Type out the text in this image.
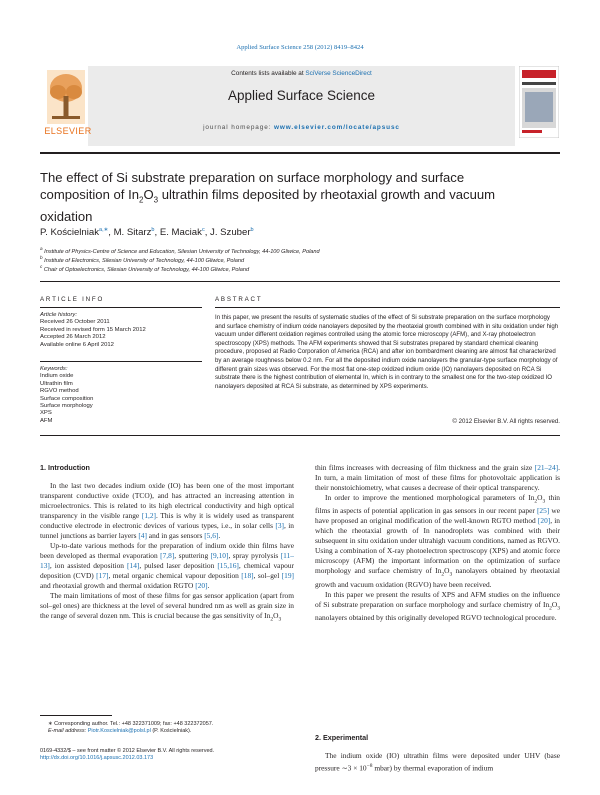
Applied Surface Science 258 (2012) 8419–8424
Contents lists available at SciVerse ScienceDirect
Applied Surface Science
journal homepage: www.elsevier.com/locate/apsusc
ELSEVIER
The effect of Si substrate preparation on surface morphology and surface
composition of $In_2O_3$ ultrathin films deposited by rheotaxial growth and vacuum
oxidation
P. Kościelniak$^{a,∗}$, M. Sitarz$^b$, E. Maciak$^c$, J. Szuber$^b$
$^a$ Institute of Physics-Centre of Science and Education, Silesian University of Technology, 44-100 Gliwice, Poland
$^b$ Institute of Electronics, Silesian University of Technology, 44-100 Gliwice, Poland
$^c$ Chair of Optoelectronics, Silesian University of Technology, 44-100 Gliwice, Poland
ARTICLE INFO
Article history:
Received 26 October 2011
Received in revised form 15 March 2012
Accepted 26 March 2012
Available online 6 April 2012
Keywords:
Indium oxide
Ultrathin film
RGVO method
Surface composition
Surface morphology
XPS
AFM
ABSTRACT
In this paper, we present the results of systematic studies of the effect of Si substrate preparation on the surface morphology and surface chemistry of indium oxide nanolayers deposited by the rheotaxial growth combined with in situ oxidation under high vacuum under different oxidation regimes controlled using the atomic force microscopy (AFM), and X-ray photoelectron spectroscopy (XPS) methods. The AFM experiments showed that Si substrates prepared by standard chemical cleaning procedure, proposed at Radio Corporation of America (RCA) and after ion bombardment cleaning are almost flat characterized by an average roughness below 0.2 nm. For all the deposited indium oxide nanolayers the granular-type surface morphology of different grain sizes was observed. For the most flat one-step oxidized indium oxide (IO) nanolayers deposited on RCA Si substrate there is the highest contribution of elemental In, which is in contrary to the smallest one for the two-step oxidized IO nanolayers deposited at RCA Si substrate, as determined by XPS experiments.
© 2012 Elsevier B.V. All rights reserved.
1. Introduction

In the last two decades indium oxide (IO) has been one of the most important transparent conductive oxide (TCO), and has attracted an increasing attention in microelectronics. This is related to its high electrical conductivity and high optical transparency in the visible range [1,2]. This is why it is widely used as transparent conductive electrode in electronic devices of various types, i.e., in solar cells [3], in tunnel junctions as barrier layers [4] and in gas sensors [5,6].

Up-to-date various methods for the preparation of indium oxide thin films have been developed as thermal evaporation [7,8], sputtering [9,10], spray pyrolysis [11–13], ion assisted deposition [14], pulsed laser deposition [15,16], chemical vapour deposition (CVD) [17], metal organic chemical vapour deposition [18], sol–gel [19] and rheotaxial growth and thermal oxidation RGTO [20].

The main limitations of most of these films for gas sensor application (apart from sol–gel ones) are thickness at the level of several hundred nm as well as grain size in the range of several dozen nm. This is crucial because the gas sensitivity of $In_2O_3$

thin films increases with decreasing of film thickness and the grain size [21–24]. In turn, a main limitation of most of these films for photovoltaic application is their nonstoichiometry, what causes a decrease of their optical transparency.

In order to improve the mentioned morphological parameters of $In_2O_3$ thin films in aspects of potential application in gas sensors in our recent paper [25] we have proposed an original modification of the well-known RGTO method [20], in which the rheotaxial growth of In nanodroplets was combined with their subsequent in situ oxidation under ultrahigh vacuum conditions, named as RGVO. Using a combination of X-ray photoelectron spectroscopy (XPS) and atomic force microscopy (AFM) the important information on the optimization of surface morphology and surface chemistry of $In_2O_3$ nanolayers obtained by rheotaxial growth and vacuum oxidation (RGVO) have been received.

In this paper we present the results of XPS and AFM studies on the influence of Si substrate preparation on surface morphology and surface chemistry of $In_2O_3$ nanolayers obtained by this originally developed RGVO technological procedure.

2. Experimental

The indium oxide (IO) ultrathin films were deposited under UHV (base pressure ∼3 × $10^{-8}$ mbar) by thermal evaporation of indium

∗ Corresponding author. Tel.: +48 322371009; fax: +48 322372057.
E-mail address: Piotr.Koscielniak@polsl.pl (P. Kościelniak).
0169-4332/$ – see front matter © 2012 Elsevier B.V. All rights reserved.
http://dx.doi.org/10.1016/j.apsusc.2012.03.173
